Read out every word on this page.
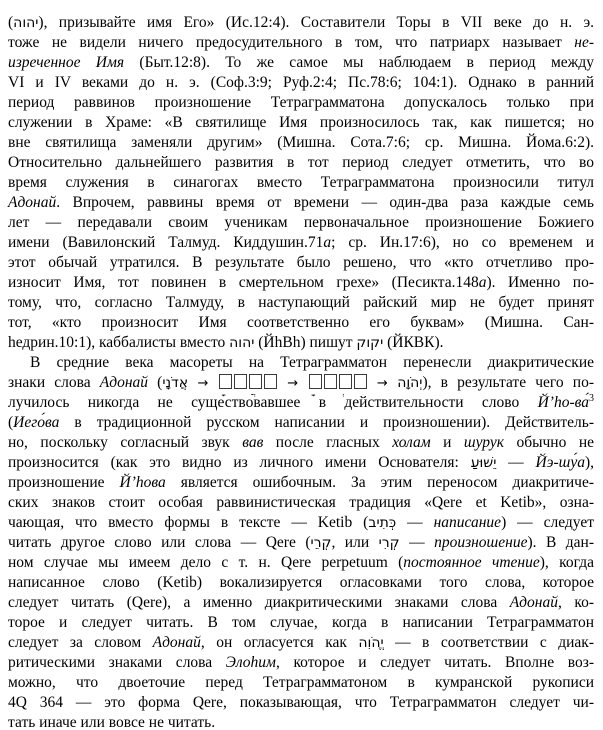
(יהוה), призывайте имя Его» (Ис.12:4). Составители Торы в VII веке до н. э.
тоже не видели ничего предосудительного в том, что патриарх называет не-
изреченное Имя (Быт.12:8). То же самое мы наблюдаем в период между
VI и IV веками до н. э. (Соф.3:9; Руф.2:4; Пс.78:6; 104:1). Однако в ранний
период раввинов произношение Тетраграмматона допускалось только при
служении в Храме: «В святилище Имя произносилось так, как пишется; но
вне святилища заменяли другим» (Мишна. Сота.7:6; ср. Мишна. Йома.6:2).
Относительно дальнейшего развития в тот период следует отметить, что во
время служения в синагогах вместо Тетраграмматона произносили титул
Адонай. Впрочем, раввины время от времени — один-два раза каждые семь
лет — передавали своим ученикам первоначальное произношение Божиего
имени (Вавилонский Талмуд. Киддушин.71а; ср. Ин.17:6), но со временем и
этот обычай утратился. В результате было решено, что «кто отчетливо про-
износит Имя, тот повинен в смертельном грехе» (Песикта.148а). Именно по-
тому, что, согласно Талмуду, в наступающий райский мир не будет принят
тот, «кто произносит Имя соответственно его буквам» (Мишна. Сан-
hедрин.10:1), каббалисты вместо יהוה (ЙhВh) пишут יקוק (ЙКВК).
В средние века масореты на Тетраграмматон перенесли диакритические
знаки слова Адонай (אֲדֹנָי → ָ ֲ → ָ ְ → יְהֹוָה), в результате чего по-
лучилось никогда не существовавшее в действительности слово Й’hо-ва́$^3$
(Иего́ва в традиционной русском написании и произношении). Действитель-
но, поскольку согласный звук вав после гласных холам и шурук обычно не
произносится (как это видно из личного имени Основателя: יֵשׁוּעַ — Йэ-шу́а),
произношение Й’hова является ошибочным. За этим переносом диакритиче-
ских знаков стоит особая раввинистическая традиция «Qere et Ketib», озна-
чающая, что вместо формы в тексте — Ketib (כְּתִיב — написание) — следует
читать другое слово или слова — Qere (קְרֵי, или קְרִי — произношение). В дан-
ном случае мы имеем дело с т. н. Qere perpetuum (постоянное чтение), когда
написанное слово (Ketib) вокализируется огласовками того слова, которое
следует читать (Qere), а именно диакритическими знаками слова Адонай, ко-
торое и следует читать. В том случае, когда в написании Тетраграмматон
следует за словом Адонай, он огласуется как יֱהֹוִה — в соответствии с диак-
ритическими знаками слова Элоhим, которое и следует читать. Вполне воз-
можно, что двоеточие перед Тетраграмматоном в кумранской рукописи
4Q 364 — это форма Qere, показывающая, что Тетраграмматон следует чи-
тать иначе или вовсе не читать.
